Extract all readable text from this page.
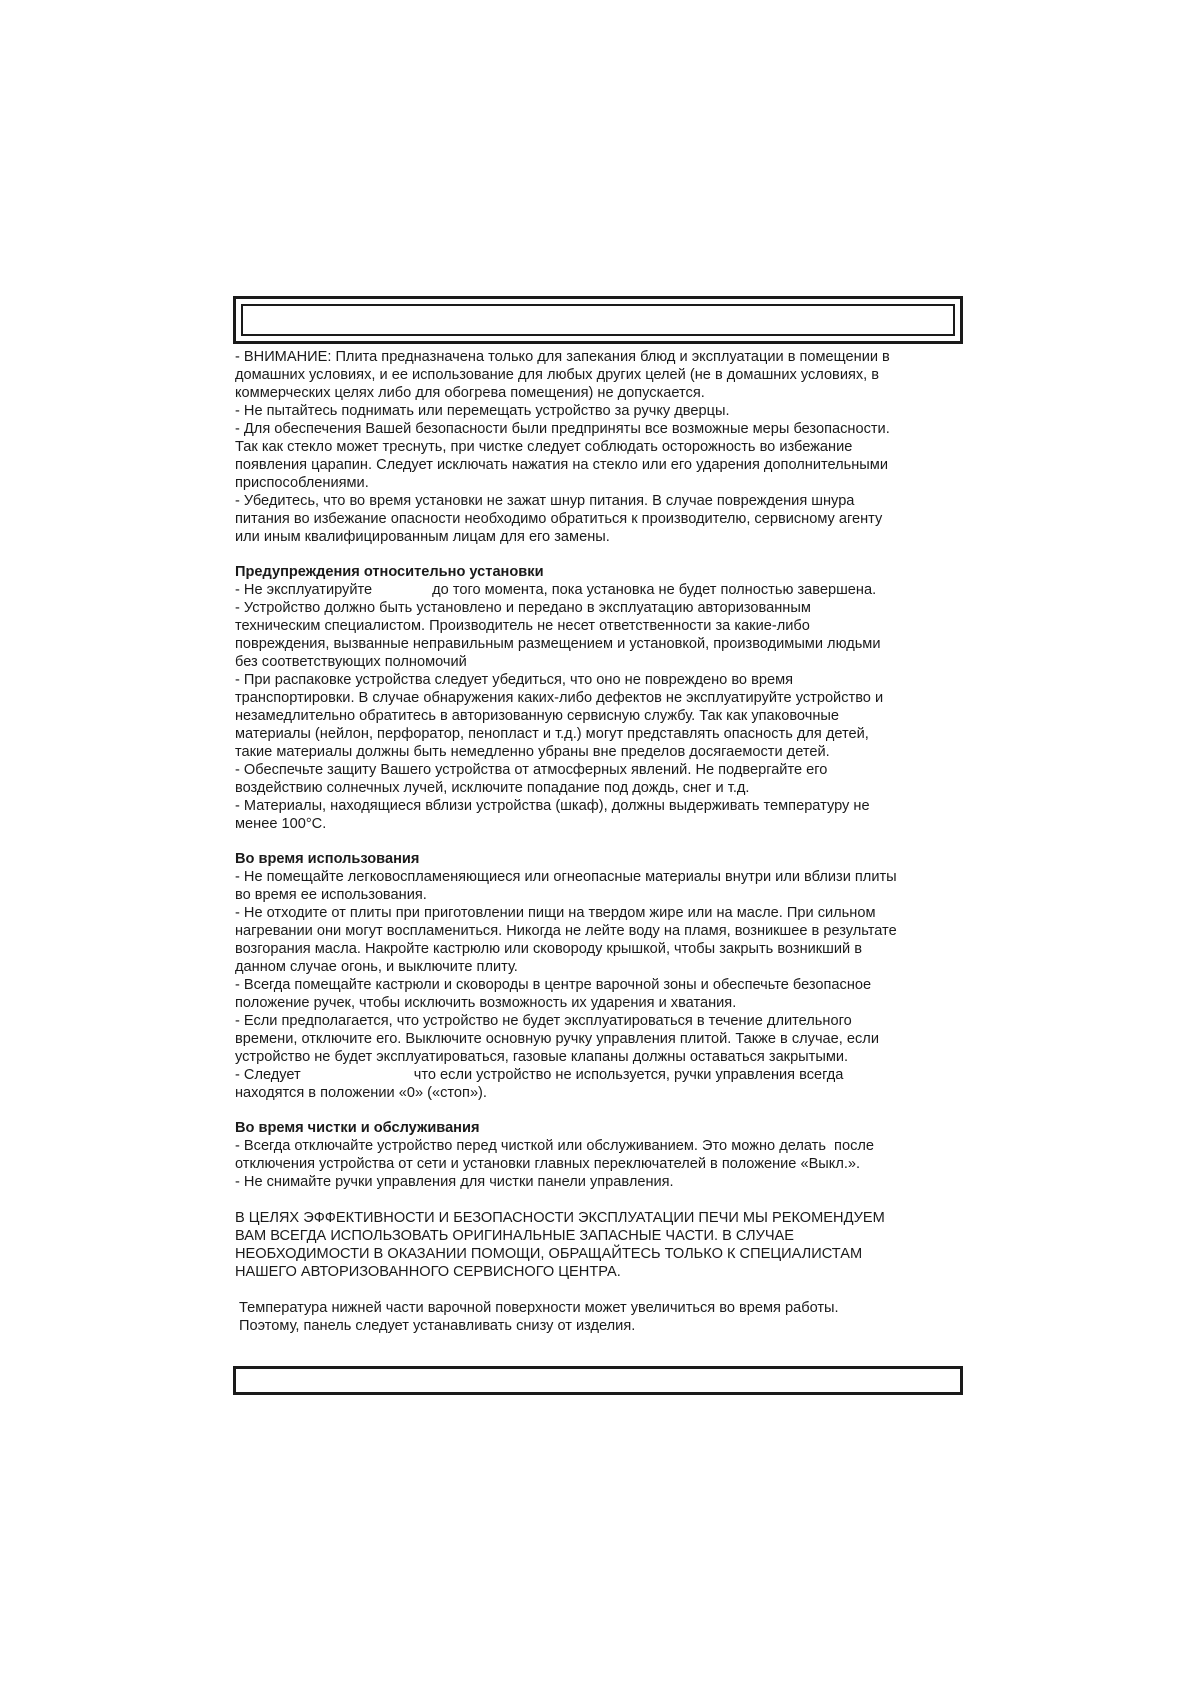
- ВНИМАНИЕ: Плита предназначена только для запекания блюд и эксплуатации в помещении в
домашних условиях, и ее использование для любых других целей (не в домашних условиях, в
коммерческих целях либо для обогрева помещения) не допускается.
- Не пытайтесь поднимать или перемещать устройство за ручку дверцы.
- Для обеспечения Вашей безопасности были предприняты все возможные меры безопасности.
Так как стекло может треснуть, при чистке следует соблюдать осторожность во избежание
появления царапин. Следует исключать нажатия на стекло или его ударения дополнительными
приспособлениями.
- Убедитесь, что во время установки не зажат шнур питания. В случае повреждения шнура
питания во избежание опасности необходимо обратиться к производителю, сервисному агенту
или иным квалифицированным лицам для его замены.
Предупреждения относительно установки
- Не эксплуатируйте	до того момента, пока установка не будет полностью завершена.
- Устройство должно быть установлено и передано в эксплуатацию авторизованным
техническим специалистом. Производитель не несет ответственности за какие-либо
повреждения, вызванные неправильным размещением и установкой, производимыми людьми
без соответствующих полномочий
- При распаковке устройства следует убедиться, что оно не повреждено во время
транспортировки. В случае обнаружения каких-либо дефектов не эксплуатируйте устройство и
незамедлительно обратитесь в авторизованную сервисную службу. Так как упаковочные
материалы (нейлон, перфоратор, пенопласт и т.д.) могут представлять опасность для детей,
такие материалы должны быть немедленно убраны вне пределов досягаемости детей.
- Обеспечьте защиту Вашего устройства от атмосферных явлений. Не подвергайте его
воздействию солнечных лучей, исключите попадание под дождь, снег и т.д.
- Материалы, находящиеся вблизи устройства (шкаф), должны выдерживать температуру не
менее 100°С.
Во время использования
- Не помещайте легковоспламеняющиеся или огнеопасные материалы внутри или вблизи плиты
во время ее использования.
- Не отходите от плиты при приготовлении пищи на твердом жире или на масле. При сильном
нагревании они могут воспламениться. Никогда не лейте воду на пламя, возникшее в результате
возгорания масла. Накройте кастрюлю или сковороду крышкой, чтобы закрыть возникший в
данном случае огонь, и выключите плиту.
- Всегда помещайте кастрюли и сковороды в центре варочной зоны и обеспечьте безопасное
положение ручек, чтобы исключить возможность их ударения и хватания.
- Если предполагается, что устройство не будет эксплуатироваться в течение длительного
времени, отключите его. Выключите основную ручку управления плитой. Также в случае, если
устройство не будет эксплуатироваться, газовые клапаны должны оставаться закрытыми.
- Следует	что если устройство не используется, ручки управления всегда
находятся в положении «0» («стоп»).
Во время чистки и обслуживания
- Всегда отключайте устройство перед чисткой или обслуживанием. Это можно делать  после
отключения устройства от сети и установки главных переключателей в положение «Выкл.».
- Не снимайте ручки управления для чистки панели управления.
В ЦЕЛЯХ ЭФФЕКТИВНОСТИ И БЕЗОПАСНОСТИ ЭКСПЛУАТАЦИИ ПЕЧИ МЫ РЕКОМЕНДУЕМ
ВАМ ВСЕГДА ИСПОЛЬЗОВАТЬ ОРИГИНАЛЬНЫЕ ЗАПАСНЫЕ ЧАСТИ. В СЛУЧАЕ
НЕОБХОДИМОСТИ В ОКАЗАНИИ ПОМОЩИ, ОБРАЩАЙТЕСЬ ТОЛЬКО К СПЕЦИАЛИСТАМ
НАШЕГО АВТОРИЗОВАННОГО СЕРВИСНОГО ЦЕНТРА.
Температура нижней части варочной поверхности может увеличиться во время работы.
Поэтому, панель следует устанавливать снизу от изделия.
